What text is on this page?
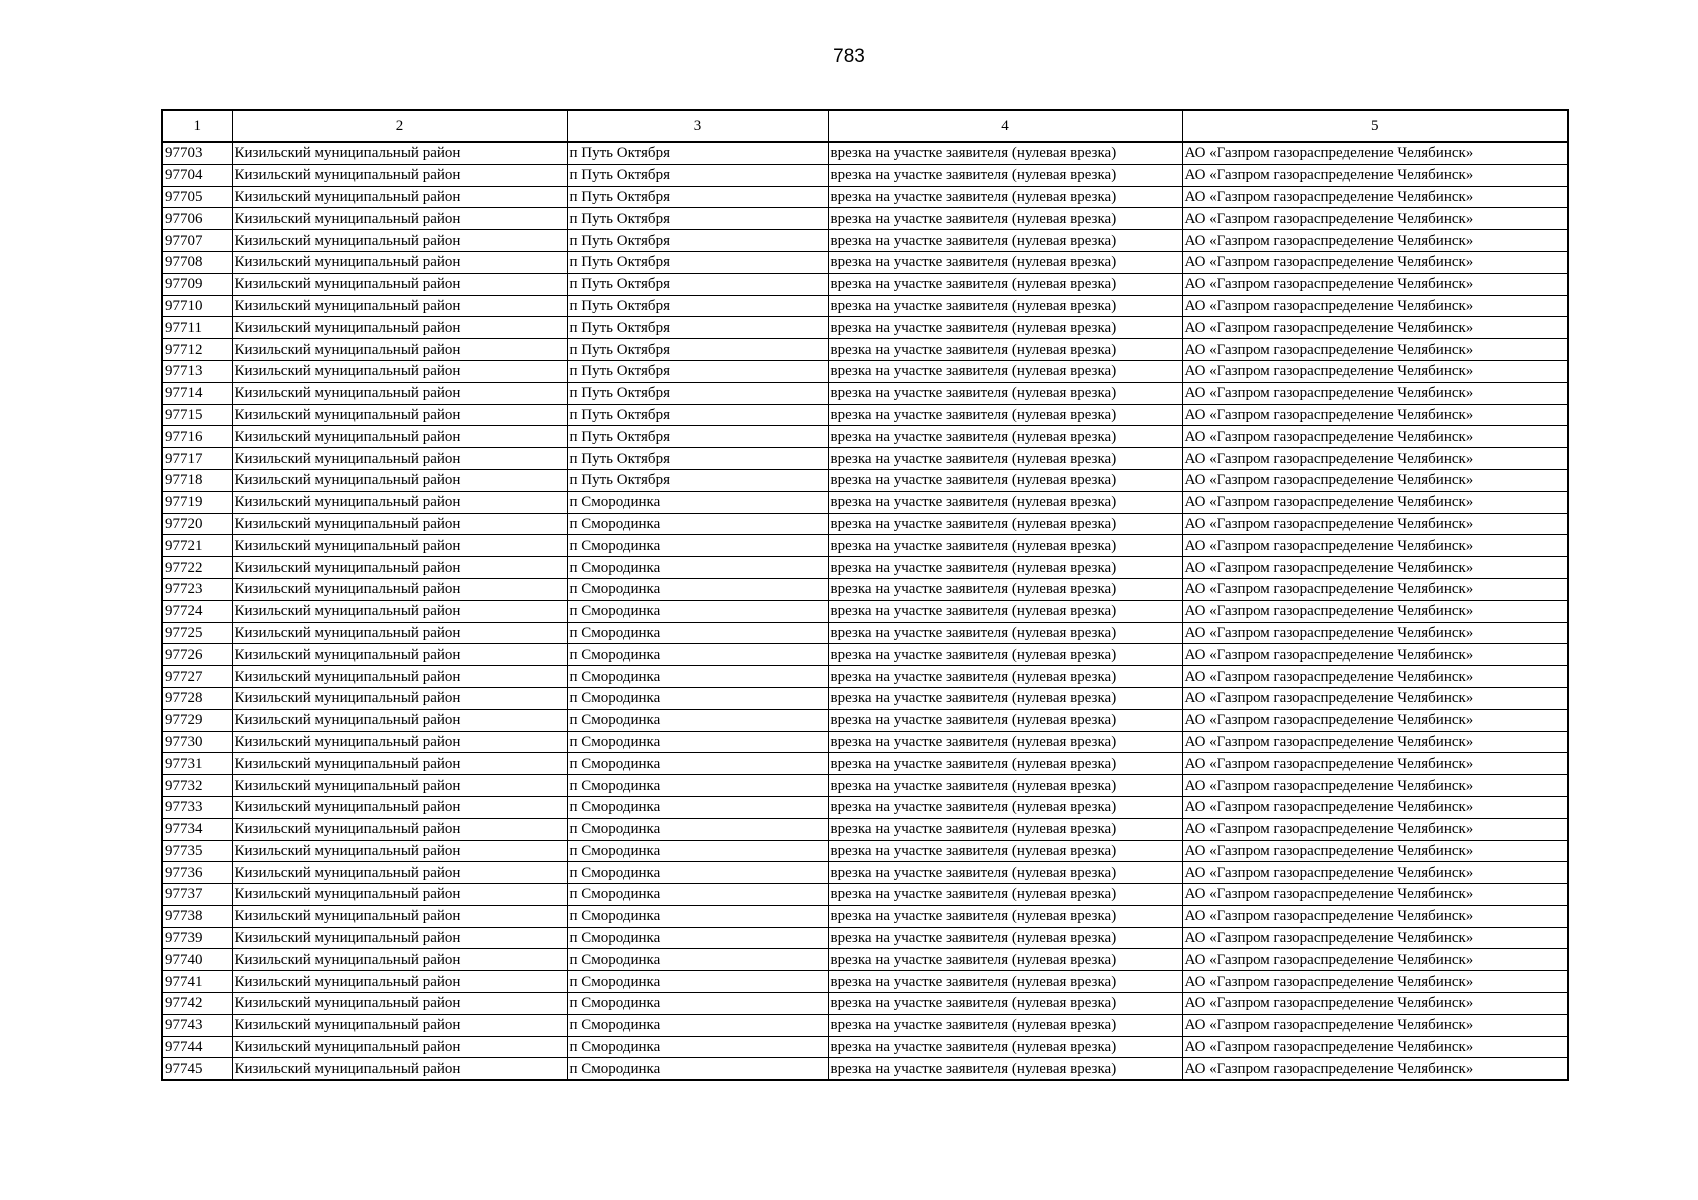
783
1	2	3	4	5
97703	Кизильский муниципальный район	п Путь Октября	врезка на участке заявителя (нулевая врезка)	АО «Газпром газораспределение Челябинск»
97704	Кизильский муниципальный район	п Путь Октября	врезка на участке заявителя (нулевая врезка)	АО «Газпром газораспределение Челябинск»
97705	Кизильский муниципальный район	п Путь Октября	врезка на участке заявителя (нулевая врезка)	АО «Газпром газораспределение Челябинск»
97706	Кизильский муниципальный район	п Путь Октября	врезка на участке заявителя (нулевая врезка)	АО «Газпром газораспределение Челябинск»
97707	Кизильский муниципальный район	п Путь Октября	врезка на участке заявителя (нулевая врезка)	АО «Газпром газораспределение Челябинск»
97708	Кизильский муниципальный район	п Путь Октября	врезка на участке заявителя (нулевая врезка)	АО «Газпром газораспределение Челябинск»
97709	Кизильский муниципальный район	п Путь Октября	врезка на участке заявителя (нулевая врезка)	АО «Газпром газораспределение Челябинск»
97710	Кизильский муниципальный район	п Путь Октября	врезка на участке заявителя (нулевая врезка)	АО «Газпром газораспределение Челябинск»
97711	Кизильский муниципальный район	п Путь Октября	врезка на участке заявителя (нулевая врезка)	АО «Газпром газораспределение Челябинск»
97712	Кизильский муниципальный район	п Путь Октября	врезка на участке заявителя (нулевая врезка)	АО «Газпром газораспределение Челябинск»
97713	Кизильский муниципальный район	п Путь Октября	врезка на участке заявителя (нулевая врезка)	АО «Газпром газораспределение Челябинск»
97714	Кизильский муниципальный район	п Путь Октября	врезка на участке заявителя (нулевая врезка)	АО «Газпром газораспределение Челябинск»
97715	Кизильский муниципальный район	п Путь Октября	врезка на участке заявителя (нулевая врезка)	АО «Газпром газораспределение Челябинск»
97716	Кизильский муниципальный район	п Путь Октября	врезка на участке заявителя (нулевая врезка)	АО «Газпром газораспределение Челябинск»
97717	Кизильский муниципальный район	п Путь Октября	врезка на участке заявителя (нулевая врезка)	АО «Газпром газораспределение Челябинск»
97718	Кизильский муниципальный район	п Путь Октября	врезка на участке заявителя (нулевая врезка)	АО «Газпром газораспределение Челябинск»
97719	Кизильский муниципальный район	п Смородинка	врезка на участке заявителя (нулевая врезка)	АО «Газпром газораспределение Челябинск»
97720	Кизильский муниципальный район	п Смородинка	врезка на участке заявителя (нулевая врезка)	АО «Газпром газораспределение Челябинск»
97721	Кизильский муниципальный район	п Смородинка	врезка на участке заявителя (нулевая врезка)	АО «Газпром газораспределение Челябинск»
97722	Кизильский муниципальный район	п Смородинка	врезка на участке заявителя (нулевая врезка)	АО «Газпром газораспределение Челябинск»
97723	Кизильский муниципальный район	п Смородинка	врезка на участке заявителя (нулевая врезка)	АО «Газпром газораспределение Челябинск»
97724	Кизильский муниципальный район	п Смородинка	врезка на участке заявителя (нулевая врезка)	АО «Газпром газораспределение Челябинск»
97725	Кизильский муниципальный район	п Смородинка	врезка на участке заявителя (нулевая врезка)	АО «Газпром газораспределение Челябинск»
97726	Кизильский муниципальный район	п Смородинка	врезка на участке заявителя (нулевая врезка)	АО «Газпром газораспределение Челябинск»
97727	Кизильский муниципальный район	п Смородинка	врезка на участке заявителя (нулевая врезка)	АО «Газпром газораспределение Челябинск»
97728	Кизильский муниципальный район	п Смородинка	врезка на участке заявителя (нулевая врезка)	АО «Газпром газораспределение Челябинск»
97729	Кизильский муниципальный район	п Смородинка	врезка на участке заявителя (нулевая врезка)	АО «Газпром газораспределение Челябинск»
97730	Кизильский муниципальный район	п Смородинка	врезка на участке заявителя (нулевая врезка)	АО «Газпром газораспределение Челябинск»
97731	Кизильский муниципальный район	п Смородинка	врезка на участке заявителя (нулевая врезка)	АО «Газпром газораспределение Челябинск»
97732	Кизильский муниципальный район	п Смородинка	врезка на участке заявителя (нулевая врезка)	АО «Газпром газораспределение Челябинск»
97733	Кизильский муниципальный район	п Смородинка	врезка на участке заявителя (нулевая врезка)	АО «Газпром газораспределение Челябинск»
97734	Кизильский муниципальный район	п Смородинка	врезка на участке заявителя (нулевая врезка)	АО «Газпром газораспределение Челябинск»
97735	Кизильский муниципальный район	п Смородинка	врезка на участке заявителя (нулевая врезка)	АО «Газпром газораспределение Челябинск»
97736	Кизильский муниципальный район	п Смородинка	врезка на участке заявителя (нулевая врезка)	АО «Газпром газораспределение Челябинск»
97737	Кизильский муниципальный район	п Смородинка	врезка на участке заявителя (нулевая врезка)	АО «Газпром газораспределение Челябинск»
97738	Кизильский муниципальный район	п Смородинка	врезка на участке заявителя (нулевая врезка)	АО «Газпром газораспределение Челябинск»
97739	Кизильский муниципальный район	п Смородинка	врезка на участке заявителя (нулевая врезка)	АО «Газпром газораспределение Челябинск»
97740	Кизильский муниципальный район	п Смородинка	врезка на участке заявителя (нулевая врезка)	АО «Газпром газораспределение Челябинск»
97741	Кизильский муниципальный район	п Смородинка	врезка на участке заявителя (нулевая врезка)	АО «Газпром газораспределение Челябинск»
97742	Кизильский муниципальный район	п Смородинка	врезка на участке заявителя (нулевая врезка)	АО «Газпром газораспределение Челябинск»
97743	Кизильский муниципальный район	п Смородинка	врезка на участке заявителя (нулевая врезка)	АО «Газпром газораспределение Челябинск»
97744	Кизильский муниципальный район	п Смородинка	врезка на участке заявителя (нулевая врезка)	АО «Газпром газораспределение Челябинск»
97745	Кизильский муниципальный район	п Смородинка	врезка на участке заявителя (нулевая врезка)	АО «Газпром газораспределение Челябинск»
